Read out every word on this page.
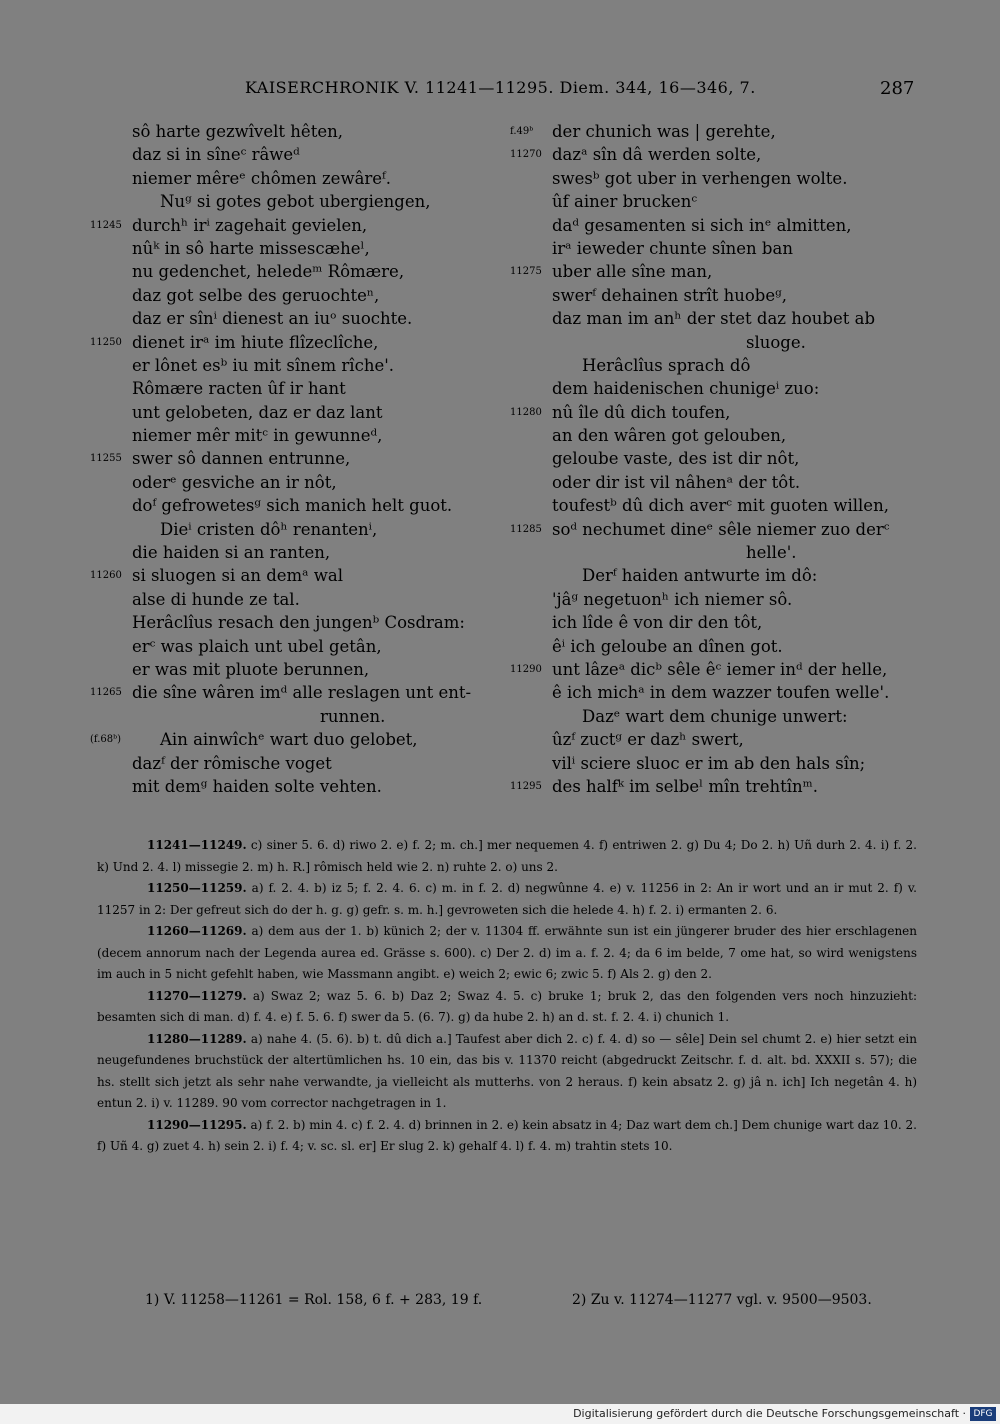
KAISERCHRONIK V. 11241—11295. Diem. 344, 16—346, 7.	287
sô harte gezwîvelt hêten,
daz si in sîneᶜ râweᵈ
niemer mêreᵉ chômen zewâreᶠ.
Nuᵍ si gotes gebot ubergiengen,
11245 durchʰ irⁱ zagehait gevielen,
nûᵏ in sô harte missescæheˡ,
nu gedenchet, heledeᵐ Rômære,
daz got selbe des geruochteⁿ,
daz er sînⁱ dienest an iuᵒ suochte.
11250 dienet irᵃ im hiute flîzeclîche,
er lônet esᵇ iu mit sînem rîche'.
Rômære racten ûf ir hant
unt gelobeten, daz er daz lant
niemer mêr mitᶜ in gewunneᵈ,
11255 swer sô dannen entrunne,
oderᵉ gesviche an ir nôt,
doᶠ gefrowetesᵍ sich manich helt guot.
Dieⁱ cristen dôʰ renantenⁱ,
die haiden si an ranten,
11260 si sluogen si an demᵃ wal
alse di hunde ze tal.
Herâclîus resach den jungenᵇ Cosdram:
erᶜ was plaich unt ubel getân,
er was mit pluote berunnen,
11265 die sîne wâren imᵈ alle reslagen unt ent-
runnen.
(f.68ᵇ) Ain ainwîchᵉ wart duo gelobet,
dazᶠ der rômische voget
mit demᵍ haiden solte vehten.
f.49ᵇ der chunich was | gerehte,
11270 dazᵃ sîn dâ werden solte,
swesᵇ got uber in verhengen wolte.
ûf ainer bruckenᶜ
daᵈ gesamenten si sich inᵉ almitten,
irᵃ ieweder chunte sînen ban
11275 uber alle sîne man,
swerᶠ dehainen strît huobeᵍ,
daz man im anʰ der stet daz houbet ab
sluoge.
Herâclîus sprach dô
dem haidenischen chunigeⁱ zuo:
11280 nû île dû dich toufen,
an den wâren got gelouben,
geloube vaste, des ist dir nôt,
oder dir ist vil nâhenᵃ der tôt.
toufestᵇ dû dich averᶜ mit guoten willen,
11285 soᵈ nechumet dineᵉ sêle niemer zuo derᶜ
helle'.
Derᶠ haiden antwurte im dô:
'jâᵍ negetuonʰ ich niemer sô.
ich lîde ê von dir den tôt,
êⁱ ich geloube an dînen got.
11290 unt lâzeᵃ dicᵇ sêle êᶜ iemer inᵈ der helle,
ê ich michᵃ in dem wazzer toufen welle'.
Dazᵉ wart dem chunige unwert:
ûzᶠ zuctᵍ er dazʰ swert,
vilⁱ sciere sluoc er im ab den hals sîn;
11295 des halfᵏ im selbeˡ mîn trehtînᵐ.

11241—11249. c) siner 5. 6. d) riwo 2. e) f. 2; m. ch.] mer nequemen 4. f) entriwen 2. g) Du 4; Do 2. h) Uñ durh 2. 4. i) f. 2. k) Und 2. 4. l) missegie 2. m) h. R.] rômisch held wie 2. n) ruhte 2. o) uns 2.

11250—11259. a) f. 2. 4. b) iz 5; f. 2. 4. 6. c) m. in f. 2. d) negwûnne 4. e) v. 11256 in 2: An ir wort und an ir mut 2. f) v. 11257 in 2: Der gefreut sich do der h. g. g) gefr. s. m. h.] gevroweten sich die helede 4. h) f. 2. i) ermanten 2. 6.

11260—11269. a) dem aus der 1. b) künich 2; der v. 11304 ff. erwähnte sun ist ein jüngerer bruder des hier erschlagenen (decem annorum nach der Legenda aurea ed. Grässe s. 600). c) Der 2. d) im a. f. 2. 4; da 6 im belde, 7 ome hat, so wird wenigstens im auch in 5 nicht gefehlt haben, wie Massmann angibt. e) weich 2; ewic 6; zwic 5. f) Als 2. g) den 2.

11270—11279. a) Swaz 2; waz 5. 6. b) Daz 2; Swaz 4. 5. c) bruke 1; bruk 2, das den folgenden vers noch hinzuzieht: besamten sich di man. d) f. 4. e) f. 5. 6. f) swer da 5. (6. 7). g) da hube 2. h) an d. st. f. 2. 4. i) chunich 1.

11280—11289. a) nahe 4. (5. 6). b) t. dû dich a.] Taufest aber dich 2. c) f. 4. d) so — sêle] Dein sel chumt 2. e) hier setzt ein neugefundenes bruchstück der altertümlichen hs. 10 ein, das bis v. 11370 reicht (abgedruckt Zeitschr. f. d. alt. bd. XXXII s. 57); die hs. stellt sich jetzt als sehr nahe verwandte, ja vielleicht als mutterhs. von 2 heraus. f) kein absatz 2. g) jâ n. ich] Ich negetân 4. h) entun 2. i) v. 11289. 90 vom corrector nachgetragen in 1.

11290—11295. a) f. 2. b) min 4. c) f. 2. 4. d) brinnen in 2. e) kein absatz in 4; Daz wart dem ch.] Dem chunige wart daz 10. 2. f) Uñ 4. g) zuet 4. h) sein 2. i) f. 4; v. sc. sl. er] Er slug 2. k) gehalf 4. l) f. 4. m) trahtin stets 10.

1) V. 11258—11261 = Rol. 158, 6 f. + 283, 19 f.	2) Zu v. 11274—11277 vgl. v. 9500—9503.
Digitalisierung gefördert durch die Deutsche Forschungsgemeinschaft · DFG
